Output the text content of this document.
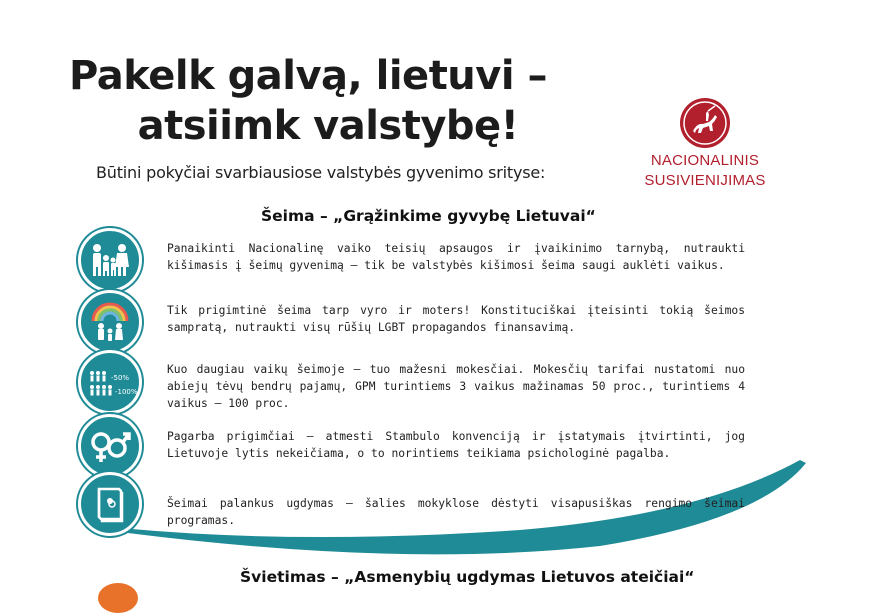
Pakelk galvą, lietuvi –
atsiimk valstybę!
Būtini pokyčiai svarbiausiose valstybės gyvenimo srityse:
NACIONALINIS
SUSIVIENIJIMAS
Šeima – „Grąžinkime gyvybę Lietuvai“
Panaikinti Nacionalinę vaiko teisių apsaugos ir įvaikinimo tarnybą, nutraukti kišimasis į šeimų gyvenimą – tik be valstybės kišimosi šeima saugi auklėti vaikus.
Tik prigimtinė šeima tarp vyro ir moters! Konstituciškai įteisinti tokią šeimos sampratą, nutraukti visų rūšių LGBT propagandos finansavimą.
-50%
-100%
Kuo daugiau vaikų šeimoje – tuo mažesni mokesčiai. Mokesčių tarifai nustatomi nuo abiejų tėvų bendrų pajamų, GPM turintiems 3 vaikus mažinamas 50 proc., turintiems 4 vaikus – 100 proc.
Pagarba prigimčiai – atmesti Stambulo konvenciją ir įstatymais įtvirtinti, jog Lietuvoje lytis nekeičiama, o to norintiems teikiama psichologinė pagalba.
Šeimai palankus ugdymas – šalies mokyklose dėstyti visapusiškas rengimo šeimai programas.
Švietimas – „Asmenybių ugdymas Lietuvos ateičiai“
